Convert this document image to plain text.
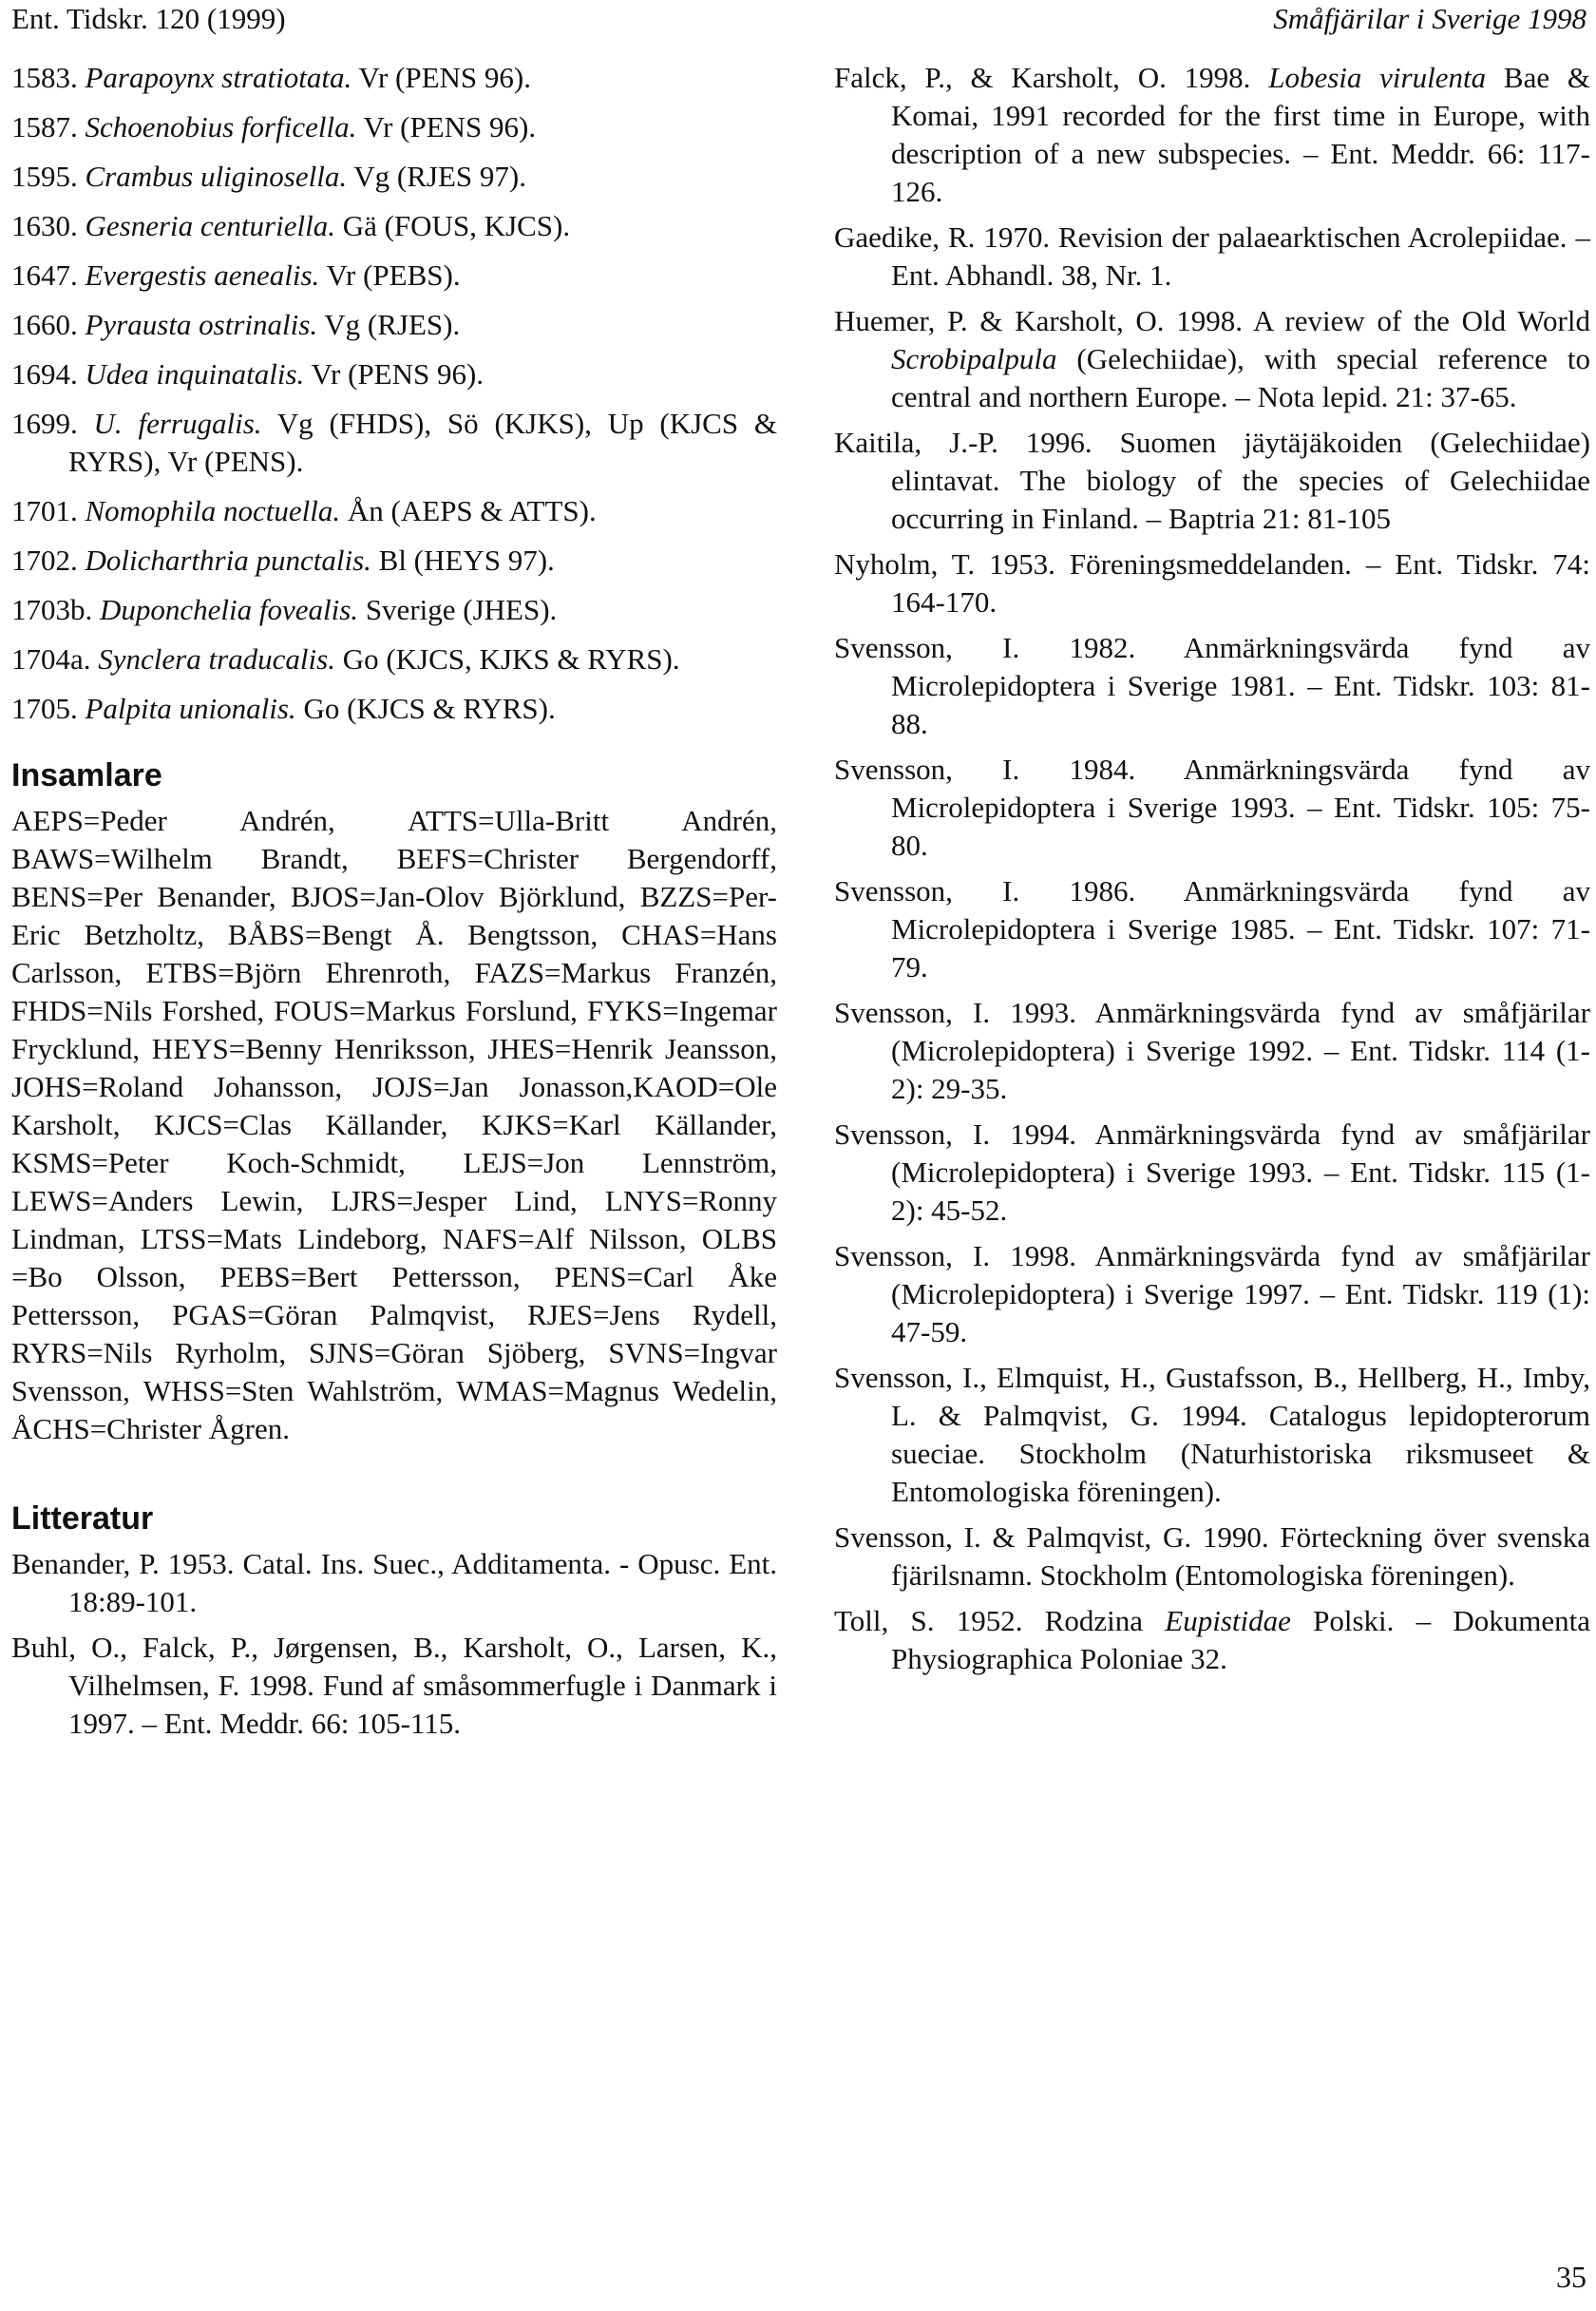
Ent. Tidskr. 120 (1999)	Småfjärilar i Sverige 1998

1583. Parapoynx stratiotata. Vr (PENS 96).

1587. Schoenobius forficella. Vr (PENS 96).

1595. Crambus uliginosella. Vg (RJES 97).

1630. Gesneria centuriella. Gä (FOUS, KJCS).

1647. Evergestis aenealis. Vr (PEBS).

1660. Pyrausta ostrinalis. Vg (RJES).

1694. Udea inquinatalis. Vr (PENS 96).

1699. U. ferrugalis. Vg (FHDS), Sö (KJKS), Up (KJCS & RYRS), Vr (PENS).

1701. Nomophila noctuella. Ån (AEPS & ATTS).

1702. Dolicharthria punctalis. Bl (HEYS 97).

1703b. Duponchelia fovealis. Sverige (JHES).

1704a. Synclera traducalis. Go (KJCS, KJKS & RYRS).

1705. Palpita unionalis. Go (KJCS & RYRS).

Insamlare

AEPS=Peder Andrén, ATTS=Ulla-Britt Andrén, BAWS=Wilhelm Brandt, BEFS=Christer Bergendorff, BENS=Per Benander, BJOS=Jan-Olov Björklund, BZZS=Per-Eric Betzholtz, BÅBS=Bengt Å. Bengtsson, CHAS=Hans Carlsson, ETBS=Björn Ehrenroth, FAZS=Markus Franzén, FHDS=Nils Forshed, FOUS=Markus Forslund, FYKS=Ingemar Frycklund, HEYS=Benny Henriksson, JHES=Henrik Jeansson, JOHS=Roland Johansson, JOJS=Jan Jonasson,KAOD=Ole Karsholt, KJCS=Clas Källander, KJKS=Karl Källander, KSMS=Peter Koch-Schmidt, LEJS=Jon Lennström, LEWS=Anders Lewin, LJRS=Jesper Lind, LNYS=Ronny Lindman, LTSS=Mats Lindeborg, NAFS=Alf Nilsson, OLBS =Bo Olsson, PEBS=Bert Pettersson, PENS=Carl Åke Pettersson, PGAS=Göran Palmqvist, RJES=Jens Rydell, RYRS=Nils Ryrholm, SJNS=Göran Sjöberg, SVNS=Ingvar Svensson, WHSS=Sten Wahlström, WMAS=Magnus Wedelin, ÅCHS=Christer Ågren.

Litteratur

Benander, P. 1953. Catal. Ins. Suec., Additamenta. - Opusc. Ent. 18:89-101.

Buhl, O., Falck, P., Jørgensen, B., Karsholt, O., Larsen, K., Vilhelmsen, F. 1998. Fund af småsommerfugle i Danmark i 1997. – Ent. Meddr. 66: 105-115.

Falck, P., & Karsholt, O. 1998. Lobesia virulenta Bae & Komai, 1991 recorded for the first time in Europe, with description of a new subspecies. – Ent. Meddr. 66: 117-126.

Gaedike, R. 1970. Revision der palaearktischen Acrolepiidae. – Ent. Abhandl. 38, Nr. 1.

Huemer, P. & Karsholt, O. 1998. A review of the Old World Scrobipalpula (Gelechiidae), with special reference to central and northern Europe. – Nota lepid. 21: 37-65.

Kaitila, J.-P. 1996. Suomen jäytäjäkoiden (Gelechiidae) elintavat. The biology of the species of Gelechiidae occurring in Finland. – Baptria 21: 81-105

Nyholm, T. 1953. Föreningsmeddelanden. – Ent. Tidskr. 74: 164-170.

Svensson, I. 1982. Anmärkningsvärda fynd av Microlepidoptera i Sverige 1981. – Ent. Tidskr. 103: 81-88.

Svensson, I. 1984. Anmärkningsvärda fynd av Microlepidoptera i Sverige 1993. – Ent. Tidskr. 105: 75-80.

Svensson, I. 1986. Anmärkningsvärda fynd av Microlepidoptera i Sverige 1985. – Ent. Tidskr. 107: 71-79.

Svensson, I. 1993. Anmärkningsvärda fynd av småfjärilar (Microlepidoptera) i Sverige 1992. – Ent. Tidskr. 114 (1-2): 29-35.

Svensson, I. 1994. Anmärkningsvärda fynd av småfjärilar (Microlepidoptera) i Sverige 1993. – Ent. Tidskr. 115 (1-2): 45-52.

Svensson, I. 1998. Anmärkningsvärda fynd av småfjärilar (Microlepidoptera) i Sverige 1997. – Ent. Tidskr. 119 (1): 47-59.

Svensson, I., Elmquist, H., Gustafsson, B., Hellberg, H., Imby, L. & Palmqvist, G. 1994. Catalogus lepidopterorum sueciae. Stockholm (Naturhistoriska riksmuseet & Entomologiska föreningen).

Svensson, I. & Palmqvist, G. 1990. Förteckning över svenska fjärilsnamn. Stockholm (Entomologiska föreningen).

Toll, S. 1952. Rodzina Eupistidae Polski. – Dokumenta Physiographica Poloniae 32.

35
